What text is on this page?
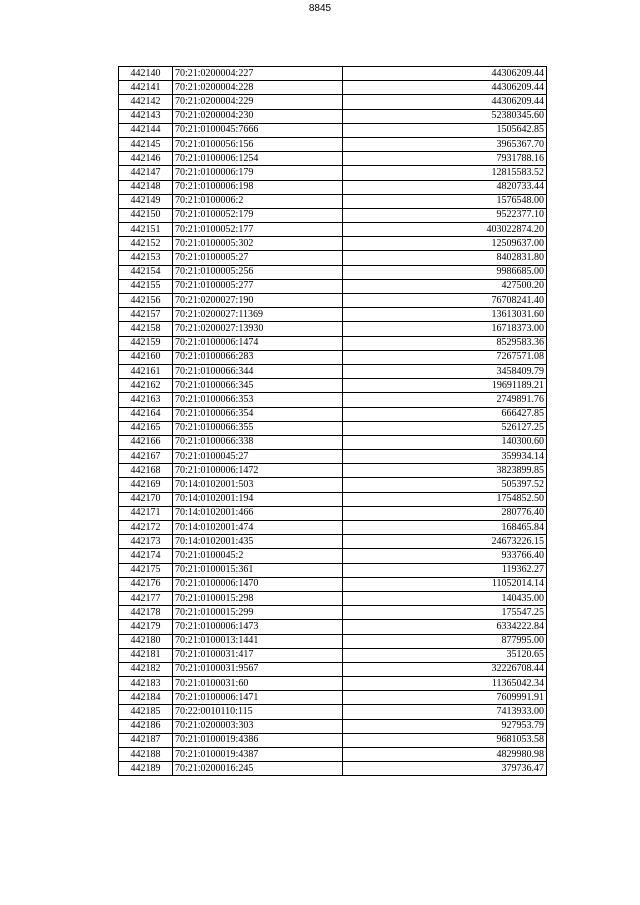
8845
442140	70:21:0200004:227	44306209.44
442141	70:21:0200004:228	44306209.44
442142	70:21:0200004:229	44306209.44
442143	70:21:0200004:230	52380345.60
442144	70:21:0100045:7666	1505642.85
442145	70:21:0100056:156	3965367.70
442146	70:21:0100006:1254	7931788.16
442147	70:21:0100006:179	12815583.52
442148	70:21:0100006:198	4820733.44
442149	70:21:0100006:2	1576548.00
442150	70:21:0100052:179	9522377.10
442151	70:21:0100052:177	403022874.20
442152	70:21:0100005:302	12509637.00
442153	70:21:0100005:27	8402831.80
442154	70:21:0100005:256	9986685.00
442155	70:21:0100005:277	427500.20
442156	70:21:0200027:190	76708241.40
442157	70:21:0200027:11369	13613031.60
442158	70:21:0200027:13930	16718373.00
442159	70:21:0100006:1474	8529583.36
442160	70:21:0100066:283	7267571.08
442161	70:21:0100066:344	3458409.79
442162	70:21:0100066:345	19691189.21
442163	70:21:0100066:353	2749891.76
442164	70:21:0100066:354	666427.85
442165	70:21:0100066:355	526127.25
442166	70:21:0100066:338	140300.60
442167	70:21:0100045:27	359934.14
442168	70:21:0100006:1472	3823899.85
442169	70:14:0102001:503	505397.52
442170	70:14:0102001:194	1754852.50
442171	70:14:0102001:466	280776.40
442172	70:14:0102001:474	168465.84
442173	70:14:0102001:435	24673226.15
442174	70:21:0100045:2	933766.40
442175	70:21:0100015:361	119362.27
442176	70:21:0100006:1470	11052014.14
442177	70:21:0100015:298	140435.00
442178	70:21:0100015:299	175547.25
442179	70:21:0100006:1473	6334222.84
442180	70:21:0100013:1441	877995.00
442181	70:21:0100031:417	35120.65
442182	70:21:0100031:9567	32226708.44
442183	70:21:0100031:60	11365042.34
442184	70:21:0100006:1471	7609991.91
442185	70:22:0010110:115	7413933.00
442186	70:21:0200003:303	927953.79
442187	70:21:0100019:4386	9681053.58
442188	70:21:0100019:4387	4829980.98
442189	70:21:0200016:245	379736.47
